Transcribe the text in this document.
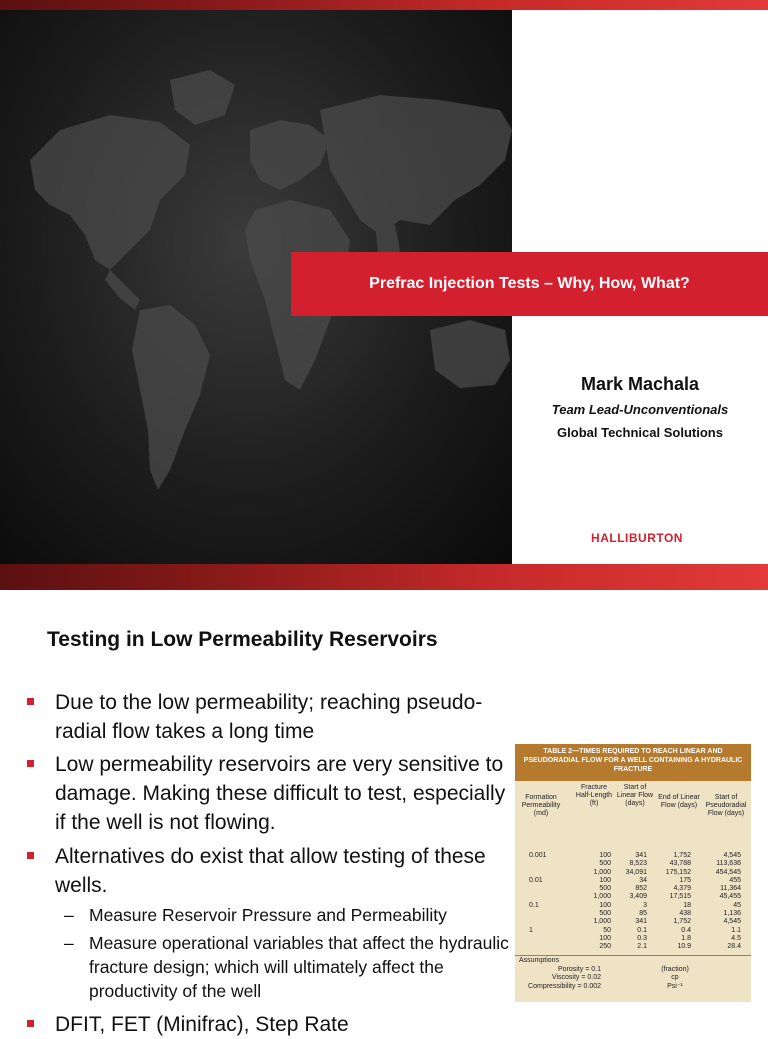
Prefrac Injection Tests – Why, How, What?
Mark Machala
Team Lead-Unconventionals
Global Technical Solutions
HALLIBURTON
Testing in Low Permeability Reservoirs
Due to the low permeability; reaching pseudo-radial flow takes a long time
Low permeability reservoirs are very sensitive to damage. Making these difficult to test, especially if the well is not flowing.
Alternatives do exist that allow testing of these wells.
– Measure Reservoir Pressure and Permeability
– Measure operational variables that affect the hydraulic fracture design; which will ultimately affect the productivity of the well
DFIT, FET (Minifrac), Step Rate
TABLE 2—TIMES REQUIRED TO REACH LINEAR AND PSEUDORADIAL FLOW FOR A WELL CONTAINING A HYDRAULIC FRACTURE
Formation Permeability (md)
Fracture Half-Length (ft)
Start of Linear Flow (days)
End of Linear Flow (days)
Start of Pseudoradial Flow (days)
0.001

0.01

0.1

1
100
500
1,000
100
500
1,000
100
500
1,000
50
100
250
341
8,523
34,091
34
852
3,409
3
85
341
0.1
0.3
2.1
1,752
43,788
175,152
175
4,379
17,515
18
438
1,752
0.4
1.8
10.9
4,545
113,636
454,545
455
11,364
45,455
45
1,136
4,545
1.1
4.5
28.4
Assumptions
Porosity = 0.1
Viscosity = 0.02
Compressibility = 0.002
(fraction)
cp
Psi⁻¹
